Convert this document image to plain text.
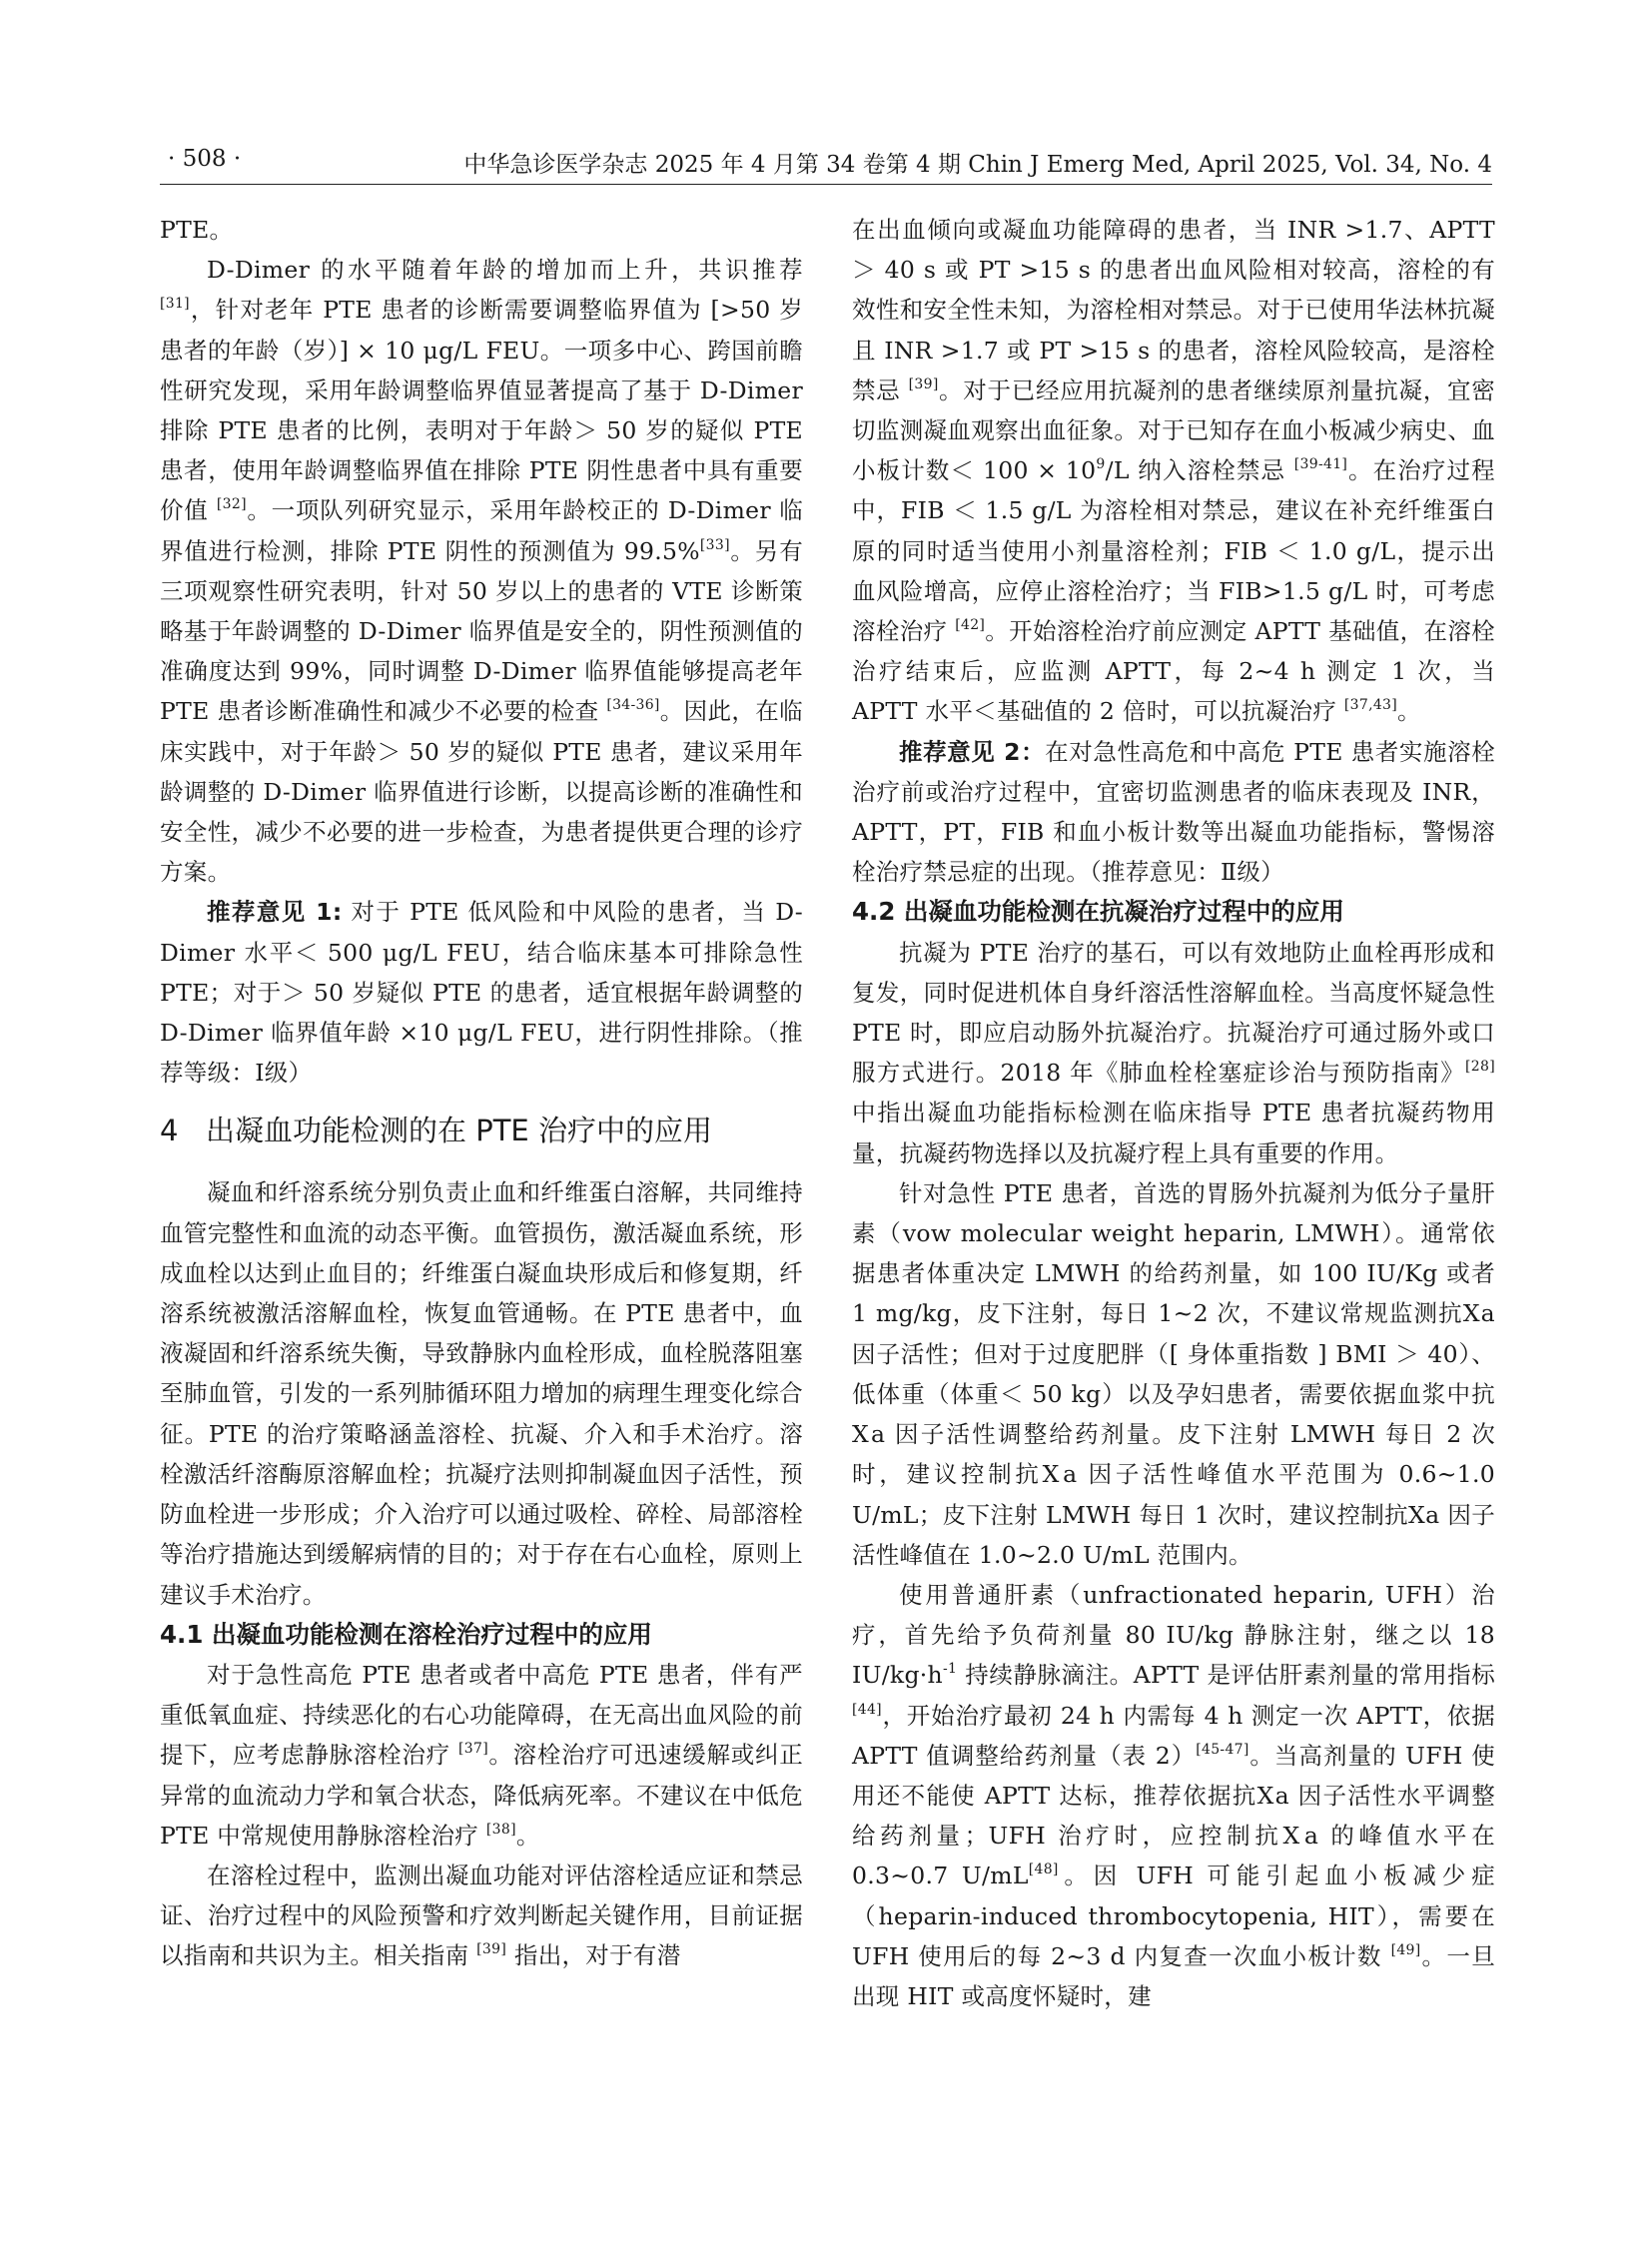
· 508 ·	中华急诊医学杂志 2025 年 4 月第 34 卷第 4 期 Chin J Emerg Med, April 2025, Vol. 34, No. 4

PTE。

D-Dimer 的水平随着年龄的增加而上升，共识推荐 [31]，针对老年 PTE 患者的诊断需要调整临界值为 [>50 岁患者的年龄（岁）] × 10 μg/L FEU。一项多中心、跨国前瞻性研究发现，采用年龄调整临界值显著提高了基于 D-Dimer 排除 PTE 患者的比例，表明对于年龄＞ 50 岁的疑似 PTE 患者，使用年龄调整临界值在排除 PTE 阴性患者中具有重要价值 [32]。一项队列研究显示，采用年龄校正的 D-Dimer 临界值进行检测，排除 PTE 阴性的预测值为 99.5%[33]。另有三项观察性研究表明，针对 50 岁以上的患者的 VTE 诊断策略基于年龄调整的 D-Dimer 临界值是安全的，阴性预测值的准确度达到 99%，同时调整 D-Dimer 临界值能够提高老年 PTE 患者诊断准确性和减少不必要的检查 [34-36]。因此，在临床实践中，对于年龄＞ 50 岁的疑似 PTE 患者，建议采用年龄调整的 D-Dimer 临界值进行诊断，以提高诊断的准确性和安全性，减少不必要的进一步检查，为患者提供更合理的诊疗方案。

推荐意见 1: 对于 PTE 低风险和中风险的患者，当 D-Dimer 水平＜ 500 μg/L FEU，结合临床基本可排除急性 PTE；对于＞ 50 岁疑似 PTE 的患者，适宜根据年龄调整的 D-Dimer 临界值年龄 ×10 μg/L FEU，进行阴性排除。（推荐等级：Ⅰ级）

4 出凝血功能检测的在 PTE 治疗中的应用

凝血和纤溶系统分别负责止血和纤维蛋白溶解，共同维持血管完整性和血流的动态平衡。血管损伤，激活凝血系统，形成血栓以达到止血目的；纤维蛋白凝血块形成后和修复期，纤溶系统被激活溶解血栓，恢复血管通畅。在 PTE 患者中，血液凝固和纤溶系统失衡，导致静脉内血栓形成，血栓脱落阻塞至肺血管，引发的一系列肺循环阻力增加的病理生理变化综合征。PTE 的治疗策略涵盖溶栓、抗凝、介入和手术治疗。溶栓激活纤溶酶原溶解血栓；抗凝疗法则抑制凝血因子活性，预防血栓进一步形成；介入治疗可以通过吸栓、碎栓、局部溶栓等治疗措施达到缓解病情的目的；对于存在右心血栓，原则上建议手术治疗。

4.1 出凝血功能检测在溶栓治疗过程中的应用

对于急性高危 PTE 患者或者中高危 PTE 患者，伴有严重低氧血症、持续恶化的右心功能障碍，在无高出血风险的前提下，应考虑静脉溶栓治疗 [37]。溶栓治疗可迅速缓解或纠正异常的血流动力学和氧合状态，降低病死率。不建议在中低危 PTE 中常规使用静脉溶栓治疗 [38]。

在溶栓过程中，监测出凝血功能对评估溶栓适应证和禁忌证、治疗过程中的风险预警和疗效判断起关键作用，目前证据以指南和共识为主。相关指南 [39] 指出，对于有潜

在出血倾向或凝血功能障碍的患者，当 INR >1.7、APTT ＞ 40 s 或 PT >15 s 的患者出血风险相对较高，溶栓的有效性和安全性未知，为溶栓相对禁忌。对于已使用华法林抗凝且 INR >1.7 或 PT >15 s 的患者，溶栓风险较高，是溶栓禁忌 [39]。对于已经应用抗凝剂的患者继续原剂量抗凝，宜密切监测凝血观察出血征象。对于已知存在血小板减少病史、血小板计数＜ $100 \times 10^9/L$ 纳入溶栓禁忌 [39-41]。在治疗过程中，FIB ＜ 1.5 g/L 为溶栓相对禁忌，建议在补充纤维蛋白原的同时适当使用小剂量溶栓剂；FIB ＜ 1.0 g/L，提示出血风险增高，应停止溶栓治疗；当 FIB>1.5 g/L 时，可考虑溶栓治疗 [42]。开始溶栓治疗前应测定 APTT 基础值，在溶栓治疗结束后，应监测 APTT，每 2~4 h 测定 1 次，当 APTT 水平＜基础值的 2 倍时，可以抗凝治疗 [37,43]。

推荐意见 2：在对急性高危和中高危 PTE 患者实施溶栓治疗前或治疗过程中，宜密切监测患者的临床表现及 INR，APTT，PT，FIB 和血小板计数等出凝血功能指标，警惕溶栓治疗禁忌症的出现。（推荐意见：Ⅱ级）

4.2 出凝血功能检测在抗凝治疗过程中的应用

抗凝为 PTE 治疗的基石，可以有效地防止血栓再形成和复发，同时促进机体自身纤溶活性溶解血栓。当高度怀疑急性 PTE 时，即应启动肠外抗凝治疗。抗凝治疗可通过肠外或口服方式进行。2018 年《肺血栓栓塞症诊治与预防指南》[28] 中指出凝血功能指标检测在临床指导 PTE 患者抗凝药物用量，抗凝药物选择以及抗凝疗程上具有重要的作用。

针对急性 PTE 患者，首选的胃肠外抗凝剂为低分子量肝素（vow molecular weight heparin, LMWH）。通常依据患者体重决定 LMWH 的给药剂量，如 100 IU/Kg 或者 1 mg/kg，皮下注射，每日 1~2 次，不建议常规监测抗Ⅹa 因子活性；但对于过度肥胖（[ 身体重指数 ] BMI ＞ 40）、低体重（体重＜ 50 kg）以及孕妇患者，需要依据血浆中抗Ⅹa 因子活性调整给药剂量。皮下注射 LMWH 每日 2 次时，建议控制抗Ⅹa 因子活性峰值水平范围为 0.6~1.0 U/mL；皮下注射 LMWH 每日 1 次时，建议控制抗Ⅹa 因子活性峰值在 1.0~2.0 U/mL 范围内。

使用普通肝素（unfractionated heparin, UFH）治疗，首先给予负荷剂量 80 IU/kg 静脉注射，继之以 18 $IU/kg\cdot h^{-1}$ 持续静脉滴注。APTT 是评估肝素剂量的常用指标 [44]，开始治疗最初 24 h 内需每 4 h 测定一次 APTT，依据 APTT 值调整给药剂量（表 2）[45-47]。当高剂量的 UFH 使用还不能使 APTT 达标，推荐依据抗Ⅹa 因子活性水平调整给药剂量；UFH 治疗时，应控制抗Ⅹa 的峰值水平在 0.3~0.7 U/mL[48]。因 UFH 可能引起血小板减少症（heparin-induced thrombocytopenia, HIT），需要在 UFH 使用后的每 2~3 d 内复查一次血小板计数 [49]。一旦出现 HIT 或高度怀疑时，建
